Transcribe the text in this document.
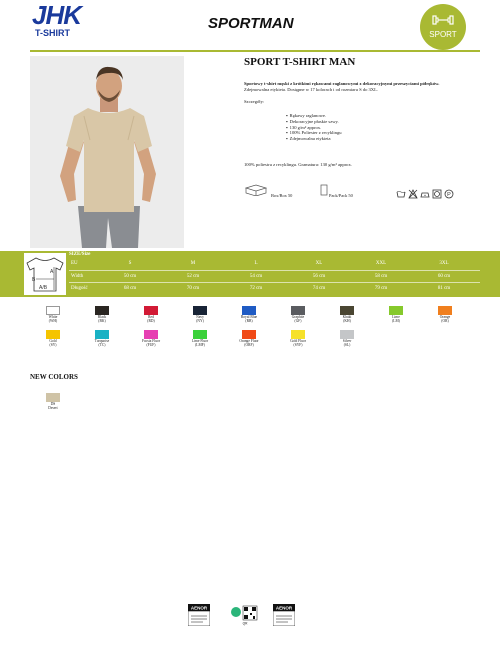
JHK
T-SHIRT
SPORTMAN
SPORT
SPORT T-SHIRT MAN
Sportowy t-shirt męski z krótkimi rękawami raglanowymi z dekoracyjnymi przeszyciami półręków.
Zdejmowalna etykieta. Dostępne w 17 kolorach i od rozmiaru S do 3XL.
Szczegóły:
▪ Rękawy raglanowe.
▪ Dekoracyjne płaskie szwy.
▪ 130 g/m² approx.
▪ 100% Poliester z recyklingu
▪ Zdejmowalna etykieta
100% poliestru z recyklingu. Gramatura: 130 g/m² approx.
Box/Box 50	Pack/Pack 50	P
A
B
A/B
SIZE/Size
EU	S	M	L	XL	XXL	3XL
Width	50 cm	52 cm	54 cm	56 cm	58 cm	60 cm
Długość	68 cm	70 cm	72 cm	74 cm	79 cm	81 cm
White
(WH)
Black
(BK)
Red
(RD)
Navy
(NY)
Royal Blue
(RB)
Graphite
(GF)
Khaki
(KH)
Lime
(LM)
Orange
(OR)
Gold
(SY)
Turquoise
(TC)
Fucsia Fluor
(FUF)
Lime Fluor
(LMF)
Orange Fluor
(ORF)
Gold Fluor
(SYF)
Silver
(SL)
NEW COLORS
DS
Desert
AENOR
QR
AENOR
